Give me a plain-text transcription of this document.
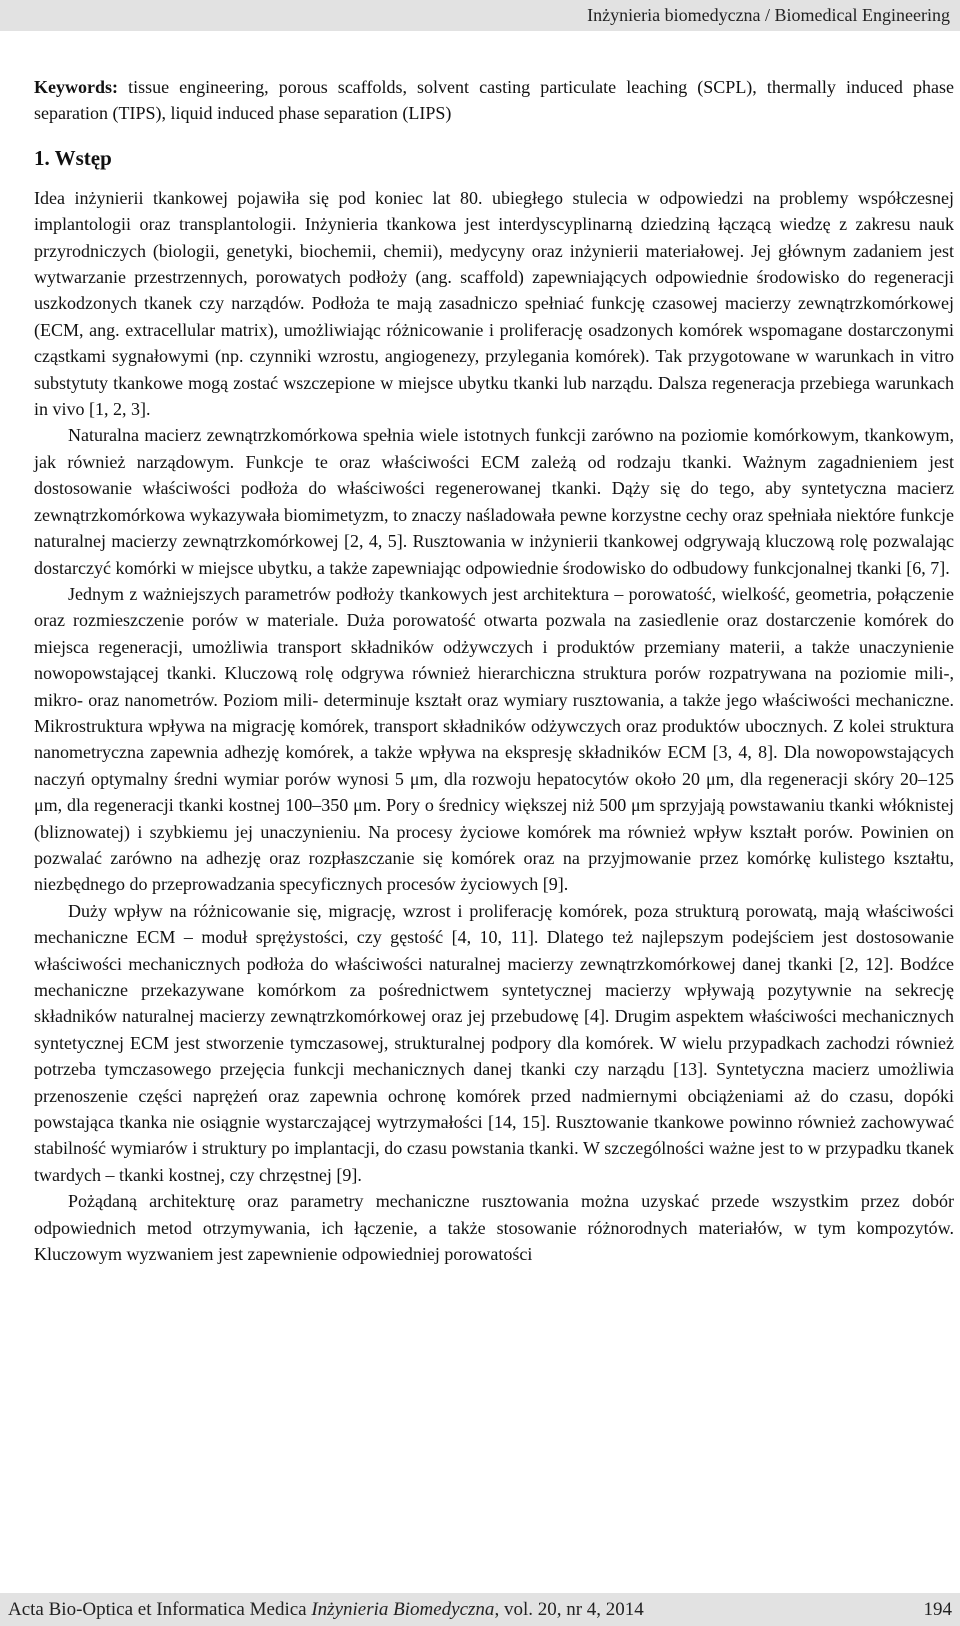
Inżynieria biomedyczna / Biomedical Engineering

Keywords: tissue engineering, porous scaffolds, solvent casting particulate leaching (SCPL), thermally induced phase separation (TIPS), liquid induced phase separation (LIPS)

1. Wstęp

Idea inżynierii tkankowej pojawiła się pod koniec lat 80. ubiegłego stulecia w odpowiedzi na problemy współczesnej implantologii oraz transplantologii. Inżynieria tkankowa jest interdyscyplinarną dziedziną łączącą wiedzę z zakresu nauk przyrodniczych (biologii, genetyki, biochemii, chemii), medycyny oraz inżynierii materiałowej. Jej głównym zadaniem jest wytwarzanie przestrzennych, porowatych podłoży (ang. scaffold) zapewniających odpowiednie środowisko do regeneracji uszkodzonych tkanek czy narządów. Podłoża te mają zasadniczo spełniać funkcję czasowej macierzy zewnątrzkomórkowej (ECM, ang. extracellular matrix), umożliwiając różnicowanie i proliferację osadzonych komórek wspomagane dostarczonymi cząstkami sygnałowymi (np. czynniki wzrostu, angiogenezy, przylegania komórek). Tak przygotowane w warunkach in vitro substytuty tkankowe mogą zostać wszczepione w miejsce ubytku tkanki lub narządu. Dalsza regeneracja przebiega warunkach in vivo [1, 2, 3].

Naturalna macierz zewnątrzkomórkowa spełnia wiele istotnych funkcji zarówno na poziomie komórkowym, tkankowym, jak również narządowym. Funkcje te oraz właściwości ECM zależą od rodzaju tkanki. Ważnym zagadnieniem jest dostosowanie właściwości podłoża do właściwości regenerowanej tkanki. Dąży się do tego, aby syntetyczna macierz zewnątrzkomórkowa wykazywała biomimetyzm, to znaczy naśladowała pewne korzystne cechy oraz spełniała niektóre funkcje naturalnej macierzy zewnątrzkomórkowej [2, 4, 5]. Rusztowania w inżynierii tkankowej odgrywają kluczową rolę pozwalając dostarczyć komórki w miejsce ubytku, a także zapewniając odpowiednie środowisko do odbudowy funkcjonalnej tkanki [6, 7].

Jednym z ważniejszych parametrów podłoży tkankowych jest architektura – porowatość, wielkość, geometria, połączenie oraz rozmieszczenie porów w materiale. Duża porowatość otwarta pozwala na zasiedlenie oraz dostarczenie komórek do miejsca regeneracji, umożliwia transport składników odżywczych i produktów przemiany materii, a także unaczynienie nowopowstającej tkanki. Kluczową rolę odgrywa również hierarchiczna struktura porów rozpatrywana na poziomie mili-, mikro- oraz nanometrów. Poziom mili- determinuje kształt oraz wymiary rusztowania, a także jego właściwości mechaniczne. Mikrostruktura wpływa na migrację komórek, transport składników odżywczych oraz produktów ubocznych. Z kolei struktura nanometryczna zapewnia adhezję komórek, a także wpływa na ekspresję składników ECM [3, 4, 8]. Dla nowopowstających naczyń optymalny średni wymiar porów wynosi 5 μm, dla rozwoju hepatocytów około 20 μm, dla regeneracji skóry 20–125 μm, dla regeneracji tkanki kostnej 100–350 μm. Pory o średnicy większej niż 500 μm sprzyjają powstawaniu tkanki włóknistej (bliznowatej) i szybkiemu jej unaczynieniu. Na procesy życiowe komórek ma również wpływ kształt porów. Powinien on pozwalać zarówno na adhezję oraz rozpłaszczanie się komórek oraz na przyjmowanie przez komórkę kulistego kształtu, niezbędnego do przeprowadzania specyficznych procesów życiowych [9].

Duży wpływ na różnicowanie się, migrację, wzrost i proliferację komórek, poza strukturą porowatą, mają właściwości mechaniczne ECM – moduł sprężystości, czy gęstość [4, 10, 11]. Dlatego też najlepszym podejściem jest dostosowanie właściwości mechanicznych podłoża do właściwości naturalnej macierzy zewnątrzkomórkowej danej tkanki [2, 12]. Bodźce mechaniczne przekazywane komórkom za pośrednictwem syntetycznej macierzy wpływają pozytywnie na sekrecję składników naturalnej macierzy zewnątrzkomórkowej oraz jej przebudowę [4]. Drugim aspektem właściwości mechanicznych syntetycznej ECM jest stworzenie tymczasowej, strukturalnej podpory dla komórek. W wielu przypadkach zachodzi również potrzeba tymczasowego przejęcia funkcji mechanicznych danej tkanki czy narządu [13]. Syntetyczna macierz umożliwia przenoszenie części naprężeń oraz zapewnia ochronę komórek przed nadmiernymi obciążeniami aż do czasu, dopóki powstająca tkanka nie osiągnie wystarczającej wytrzymałości [14, 15]. Rusztowanie tkankowe powinno również zachowywać stabilność wymiarów i struktury po implantacji, do czasu powstania tkanki. W szczególności ważne jest to w przypadku tkanek twardych – tkanki kostnej, czy chrzęstnej [9].

Pożądaną architekturę oraz parametry mechaniczne rusztowania można uzyskać przede wszystkim przez dobór odpowiednich metod otrzymywania, ich łączenie, a także stosowanie różnorodnych materiałów, w tym kompozytów. Kluczowym wyzwaniem jest zapewnienie odpowiedniej porowatości

Acta Bio-Optica et Informatica Medica Inżynieria Biomedyczna, vol. 20, nr 4, 2014	194
